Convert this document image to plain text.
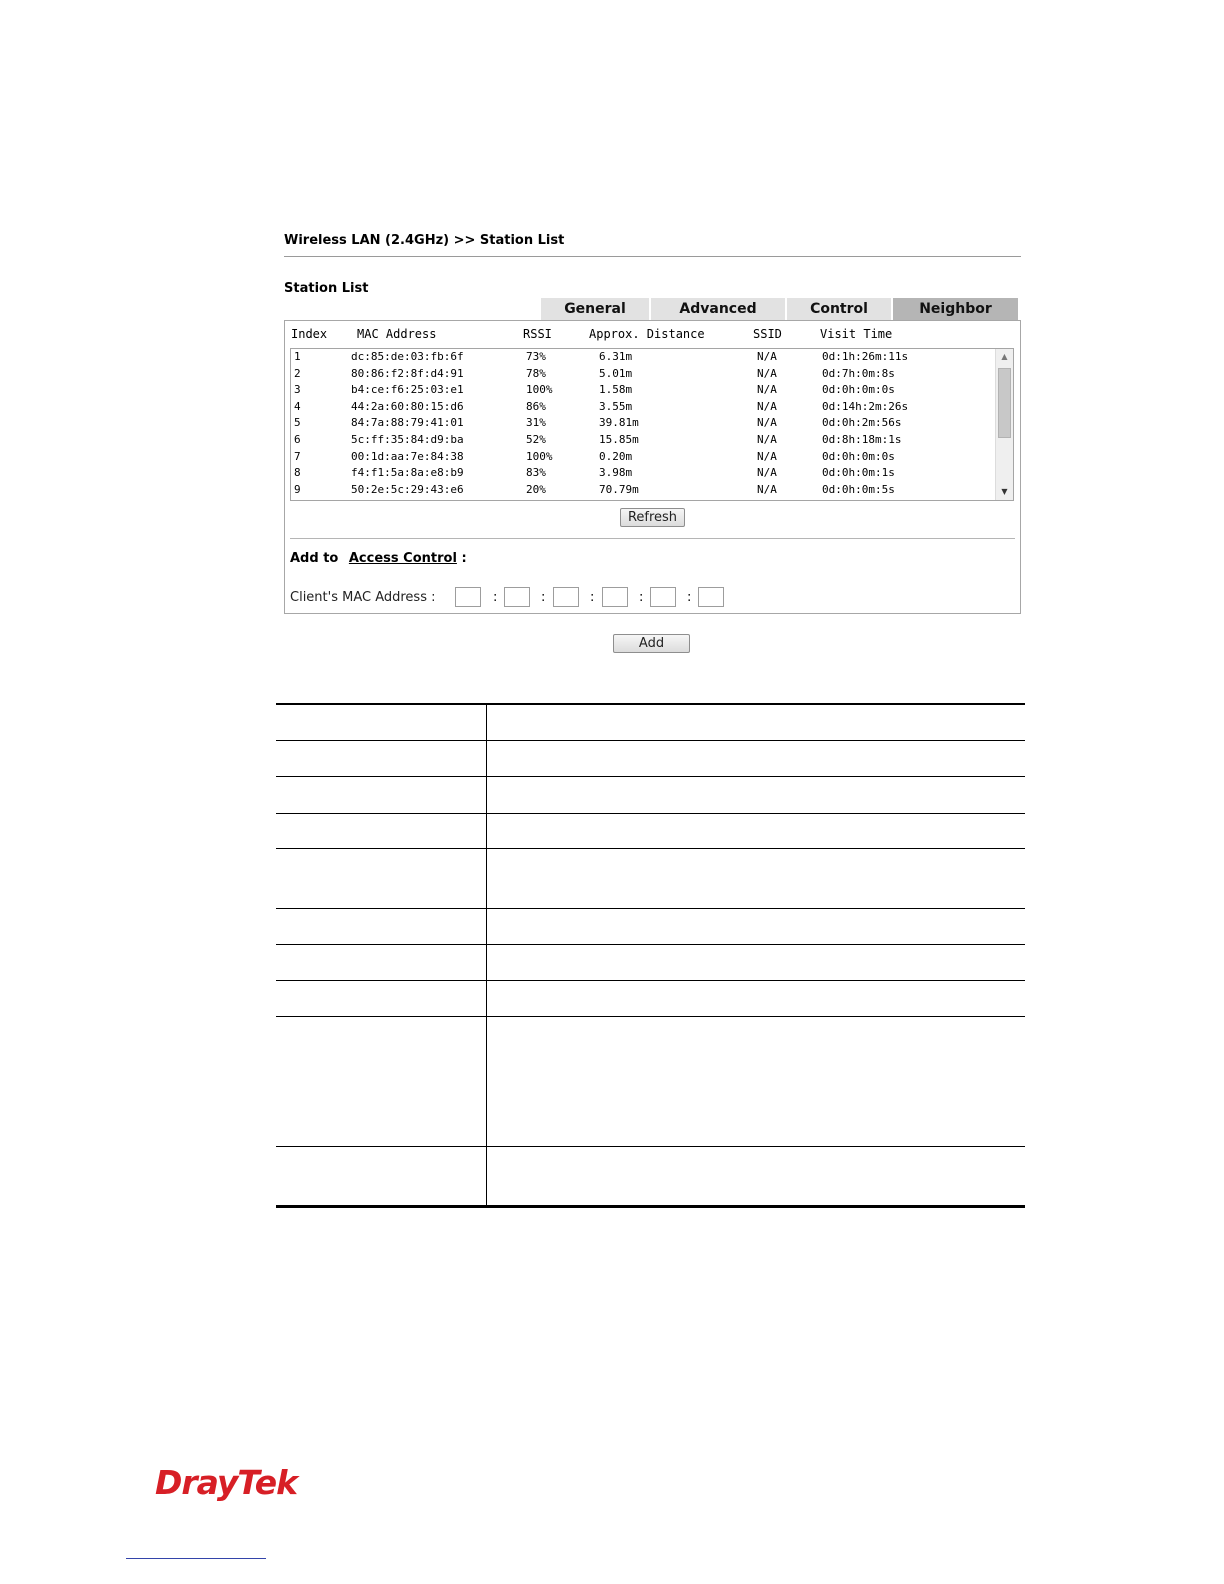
Wireless LAN (2.4GHz) >> Station List
Station List
General	Advanced	Control	Neighbor
Index MAC Address	RSSI	Approx. Distance	SSID	Visit Time
1	dc:85:de:03:fb:6f	73%	6.31m	N/A	0d:1h:26m:11s
2	80:86:f2:8f:d4:91	78%	5.01m	N/A	0d:7h:0m:8s
3	b4:ce:f6:25:03:e1	100%	1.58m	N/A	0d:0h:0m:0s
4	44:2a:60:80:15:d6	86%	3.55m	N/A	0d:14h:2m:26s
5	84:7a:88:79:41:01	31%	39.81m	N/A	0d:0h:2m:56s
6	5c:ff:35:84:d9:ba	52%	15.85m	N/A	0d:8h:18m:1s
7	00:1d:aa:7e:84:38	100%	0.20m	N/A	0d:0h:0m:0s
8	f4:f1:5a:8a:e8:b9	83%	3.98m	N/A	0d:0h:0m:1s
9	50:2e:5c:29:43:e6	20%	70.79m	N/A	0d:0h:0m:5s
▲
▼
Refresh
Add to Access Control :
Client's MAC Address :	:	:	:	:	:
Add

DrayTek
